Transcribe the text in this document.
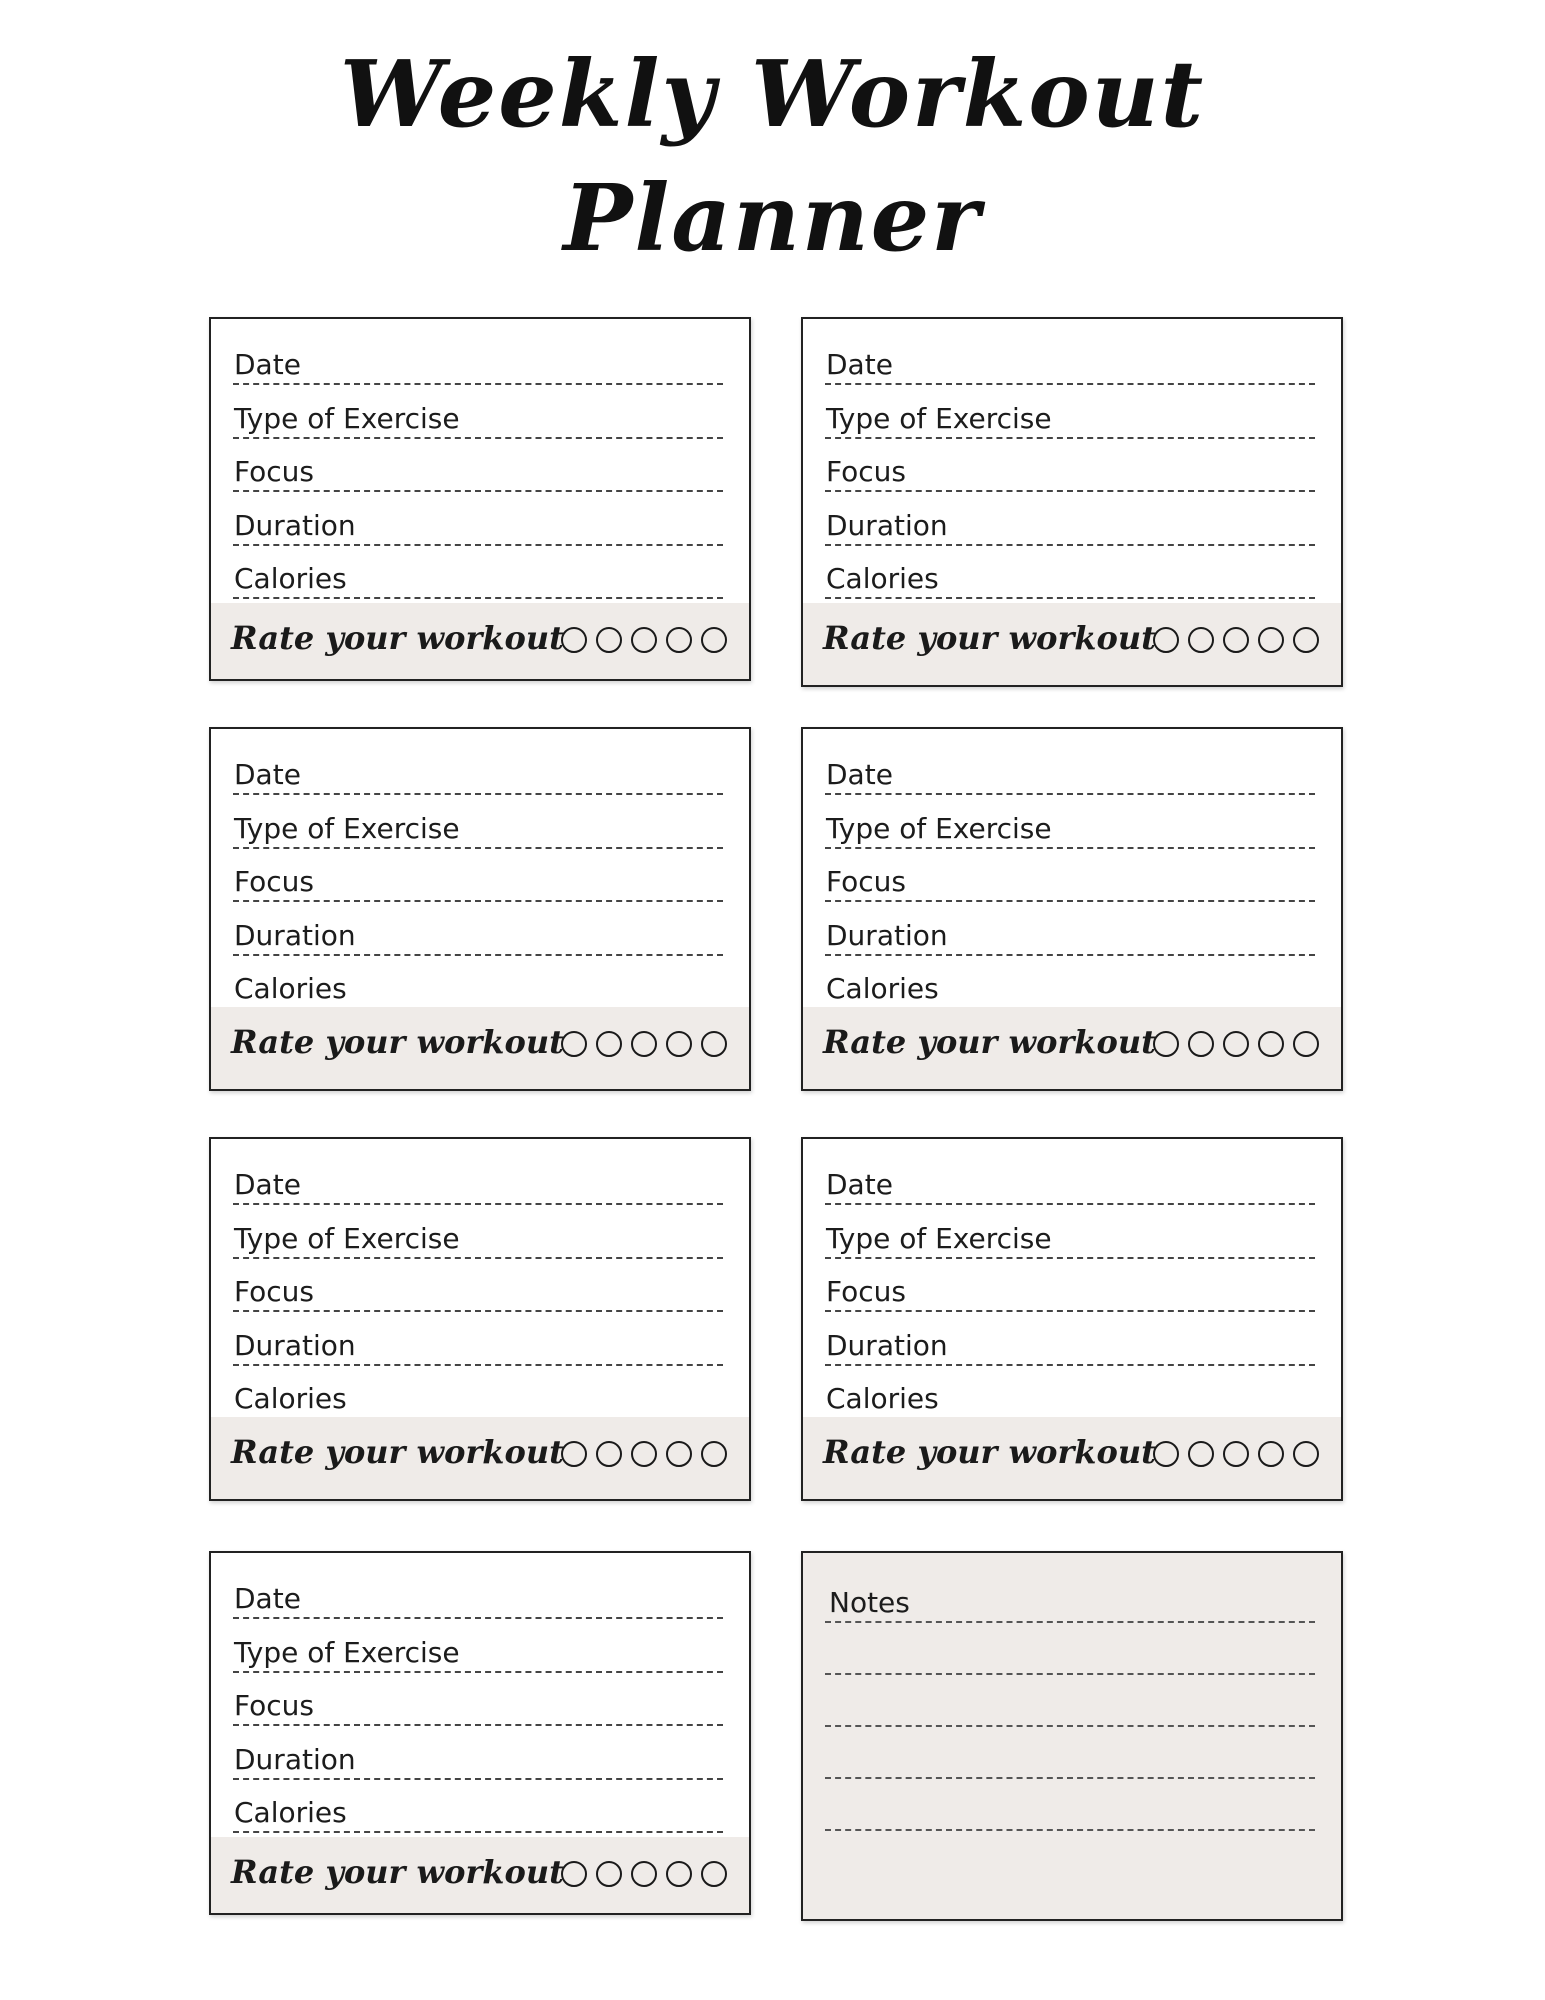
Weekly Workout
Planner
Date
Type of Exercise
Focus
Duration
Calories
Rate your workout
Date
Type of Exercise
Focus
Duration
Calories
Rate your workout
Date
Type of Exercise
Focus
Duration
Calories
Rate your workout
Date
Type of Exercise
Focus
Duration
Calories
Rate your workout
Date
Type of Exercise
Focus
Duration
Calories
Rate your workout
Date
Type of Exercise
Focus
Duration
Calories
Rate your workout
Date
Type of Exercise
Focus
Duration
Calories
Rate your workout
Notes
